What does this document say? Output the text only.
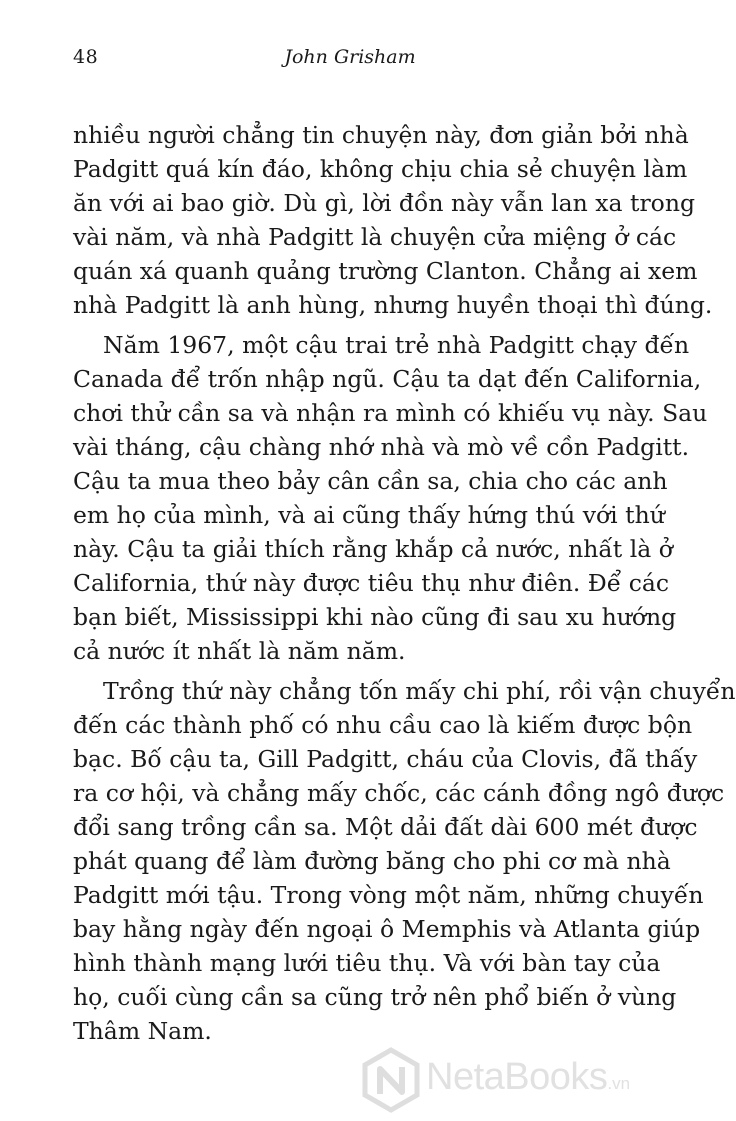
48	John Grisham
nhiều người chẳng tin chuyện này, đơn giản bởi nhà
Padgitt quá kín đáo, không chịu chia sẻ chuyện làm
ăn với ai bao giờ. Dù gì, lời đồn này vẫn lan xa trong
vài năm, và nhà Padgitt là chuyện cửa miệng ở các
quán xá quanh quảng trường Clanton. Chẳng ai xem
nhà Padgitt là anh hùng, nhưng huyền thoại thì đúng.
Năm 1967, một cậu trai trẻ nhà Padgitt chạy đến
Canada để trốn nhập ngũ. Cậu ta dạt đến California,
chơi thử cần sa và nhận ra mình có khiếu vụ này. Sau
vài tháng, cậu chàng nhớ nhà và mò về cồn Padgitt.
Cậu ta mua theo bảy cân cần sa, chia cho các anh
em họ của mình, và ai cũng thấy hứng thú với thứ
này. Cậu ta giải thích rằng khắp cả nước, nhất là ở
California, thứ này được tiêu thụ như điên. Để các
bạn biết, Mississippi khi nào cũng đi sau xu hướng
cả nước ít nhất là năm năm.
Trồng thứ này chẳng tốn mấy chi phí, rồi vận chuyển
đến các thành phố có nhu cầu cao là kiếm được bộn
bạc. Bố cậu ta, Gill Padgitt, cháu của Clovis, đã thấy
ra cơ hội, và chẳng mấy chốc, các cánh đồng ngô được
đổi sang trồng cần sa. Một dải đất dài 600 mét được
phát quang để làm đường băng cho phi cơ mà nhà
Padgitt mới tậu. Trong vòng một năm, những chuyến
bay hằng ngày đến ngoại ô Memphis và Atlanta giúp
hình thành mạng lưới tiêu thụ. Và với bàn tay của
họ, cuối cùng cần sa cũng trở nên phổ biến ở vùng
Thâm Nam.
NetaBooks.vn
